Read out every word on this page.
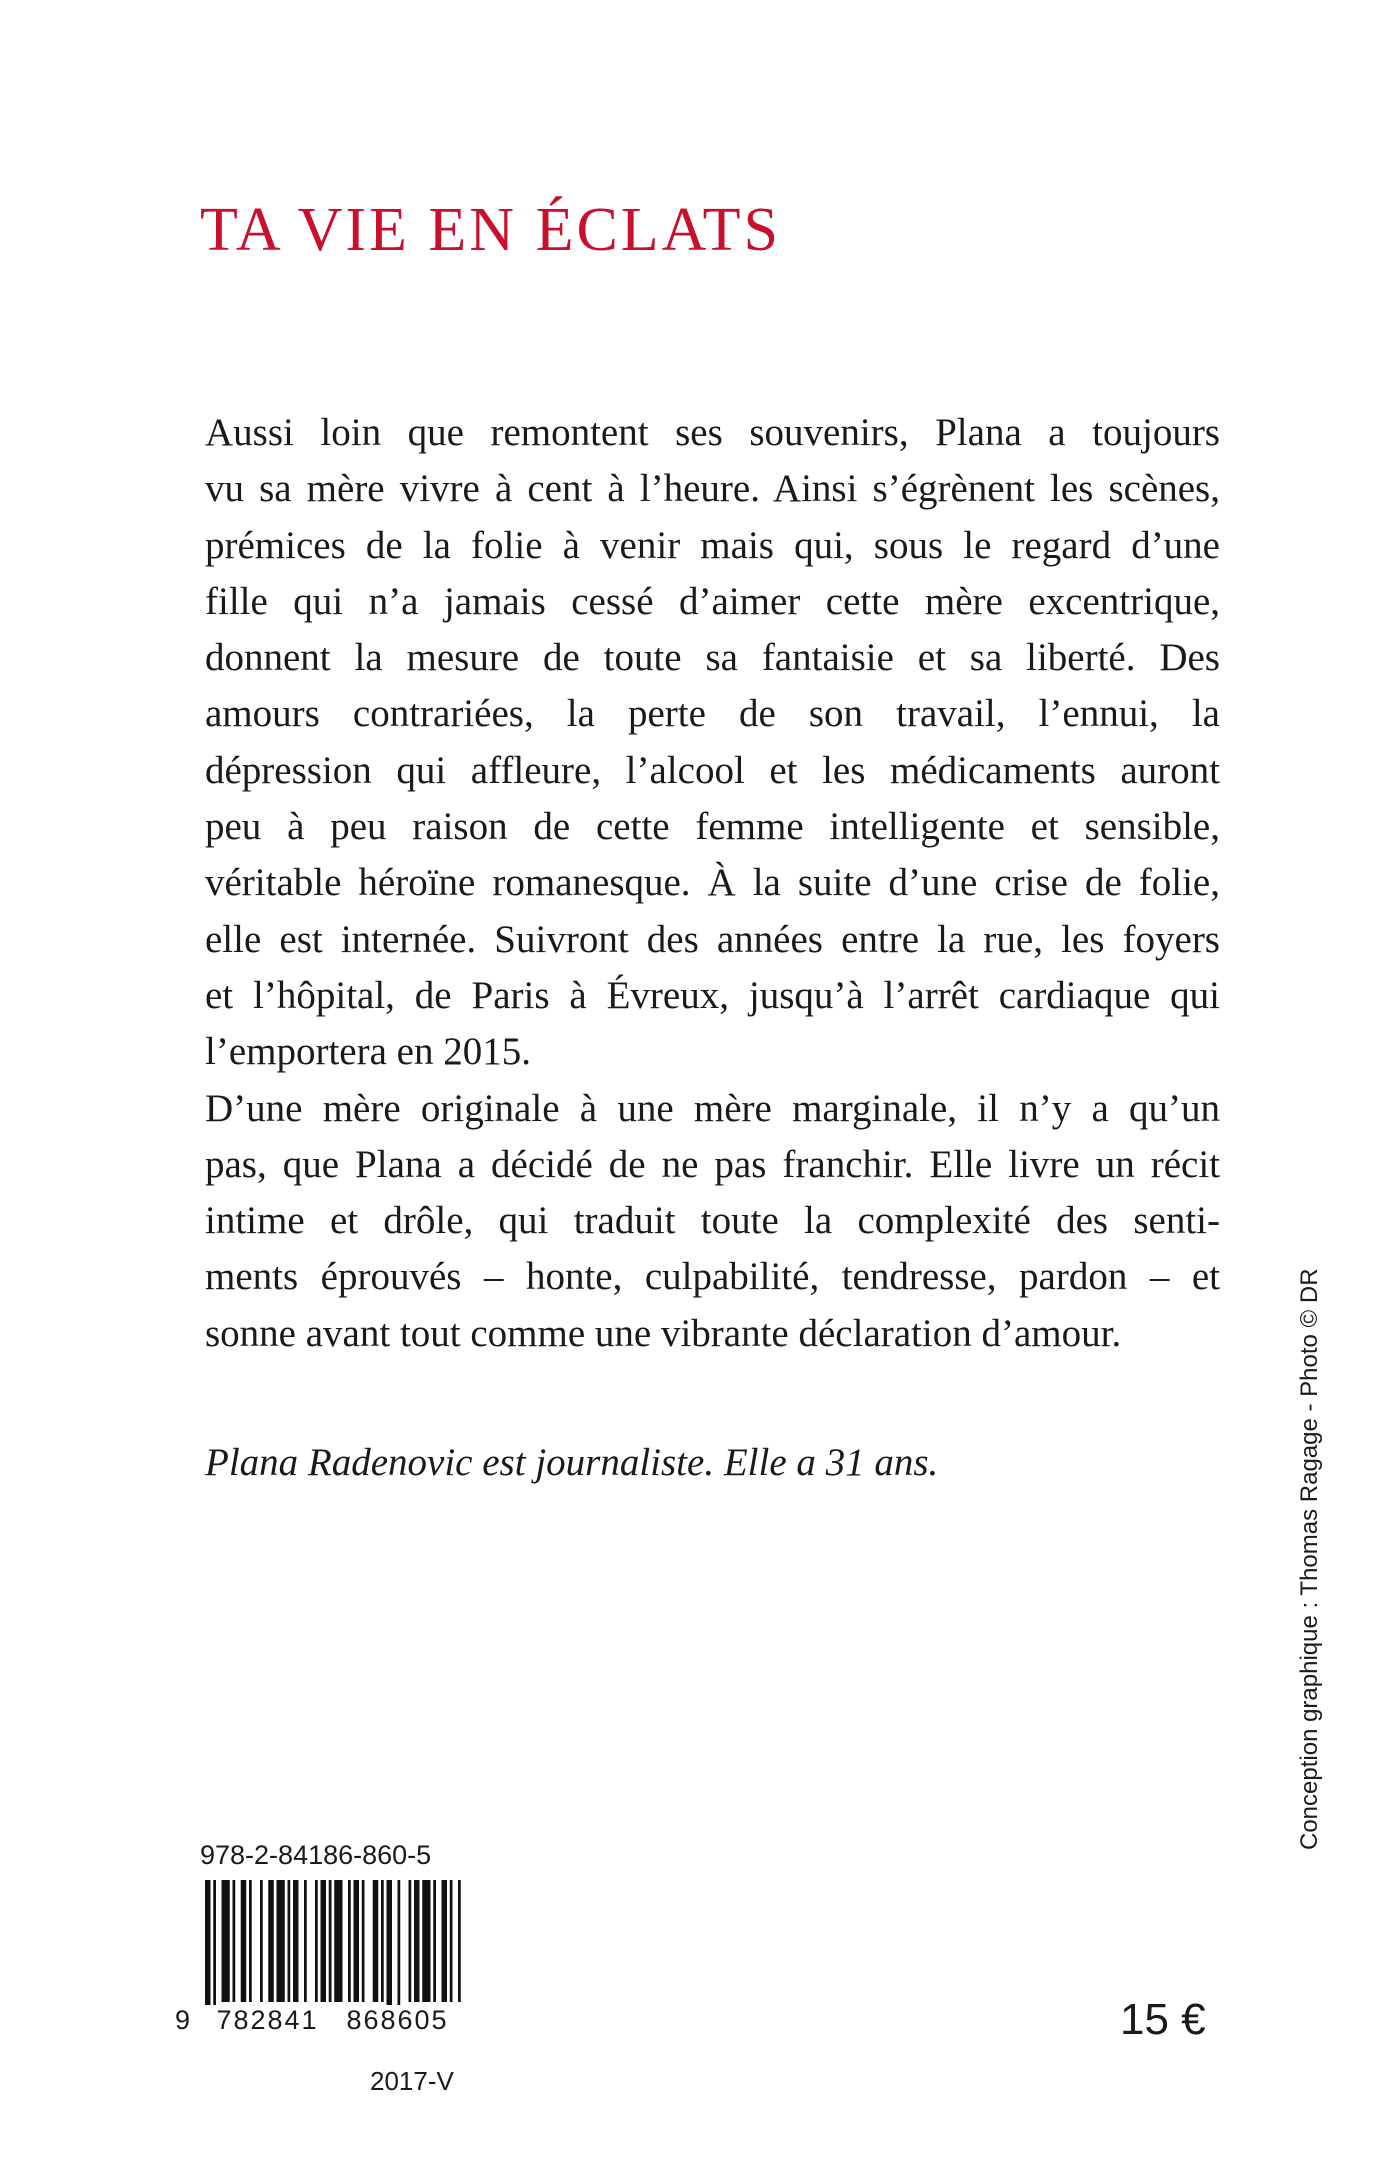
TA VIE EN ÉCLATS
Aussi loin que remontent ses souvenirs, Plana a toujours
vu sa mère vivre à cent à l’heure. Ainsi s’égrènent les scènes,
prémices de la folie à venir mais qui, sous le regard d’une
fille qui n’a jamais cessé d’aimer cette mère excentrique,
donnent la mesure de toute sa fantaisie et sa liberté. Des
amours contrariées, la perte de son travail, l’ennui, la
dépression qui affleure, l’alcool et les médicaments auront
peu à peu raison de cette femme intelligente et sensible,
véritable héroïne romanesque. À la suite d’une crise de folie,
elle est internée. Suivront des années entre la rue, les foyers
et l’hôpital, de Paris à Évreux, jusqu’à l’arrêt cardiaque qui
l’emportera en 2015.
D’une mère originale à une mère marginale, il n’y a qu’un
pas, que Plana a décidé de ne pas franchir. Elle livre un récit
intime et drôle, qui traduit toute la complexité des senti-
ments éprouvés – honte, culpabilité, tendresse, pardon – et
sonne avant tout comme une vibrante déclaration d’amour.
Plana Radenovic est journaliste. Elle a 31 ans.	Conception graphique : Thomas Ragage - Photo © DR
978-2-84186-860-5
9 782841	868605
2017-V
15 €
